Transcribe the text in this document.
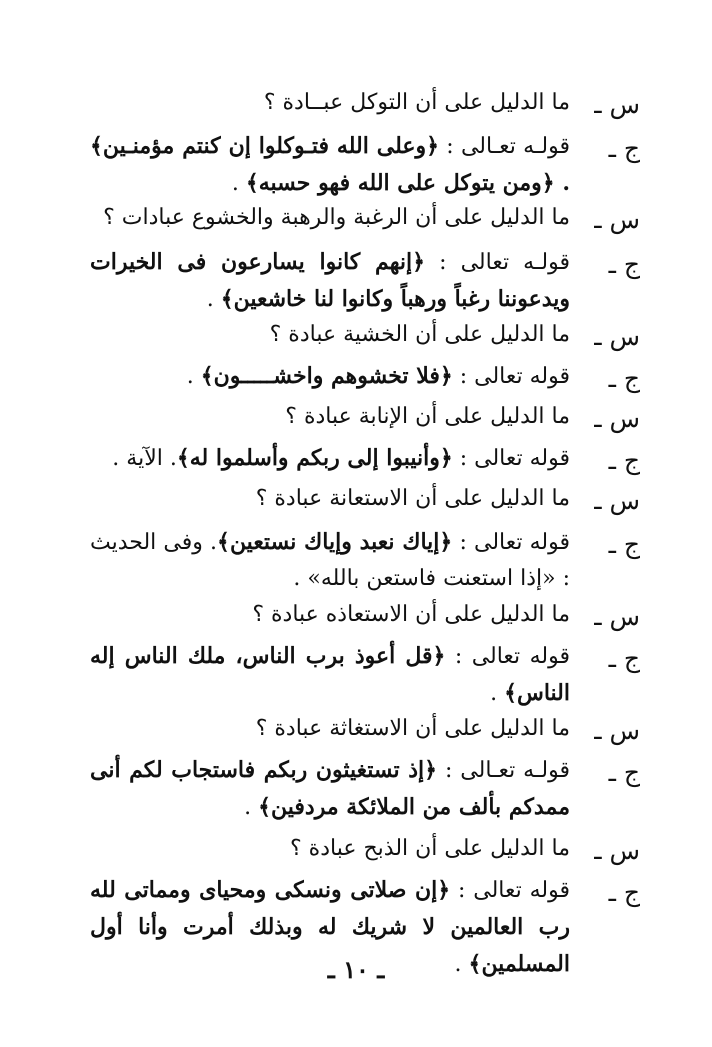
س ـ
ما الدليل على أن التوكل عبــادة ؟
ج ـ
قولـه تعـالى : ﴿وعلى الله فتـوكلوا إن كنتم مؤمنـين﴾ . ﴿ومن يتوكل على الله فهو حسبه﴾ .
س ـ
ما الدليل على أن الرغبة والرهبة والخشوع عبادات ؟
ج ـ
قولـه تعالى : ﴿إنهم كانوا يسارعون فى الخيرات ويدعوننا رغباً ورهباً وكانوا لنا خاشعين﴾ .
س ـ
ما الدليل على أن الخشية عبادة ؟
ج ـ
قوله تعالى : ﴿فلا تخشوهم واخشـــــون﴾ .
س ـ
ما الدليل على أن الإنابة عبادة ؟
ج ـ
قوله تعالى : ﴿وأنيبوا إلى ربكم وأسلموا له﴾. الآية .
س ـ
ما الدليل على أن الاستعانة عبادة ؟
ج ـ
قوله تعالى : ﴿إياك نعبد وإياك نستعين﴾. وفى الحديث : «إذا استعنت فاستعن بالله» .
س ـ
ما الدليل على أن الاستعاذه عبادة ؟
ج ـ
قوله تعالى : ﴿قل أعوذ برب الناس، ملك الناس إله الناس﴾ .
س ـ
ما الدليل على أن الاستغاثة عبادة ؟
ج ـ
قولـه تعـالى : ﴿إذ تستغيثون ربكم فاستجاب لكم أنى ممدكم بألف من الملائكة مردفين﴾ .
س ـ
ما الدليل على أن الذبح عبادة ؟
ج ـ
قوله تعالى : ﴿إن صلاتى ونسكى ومحياى ومماتى لله رب العالمين لا شريك له وبذلك أمرت وأنا أول المسلمين﴾ .
ـ ١٠ ـ
